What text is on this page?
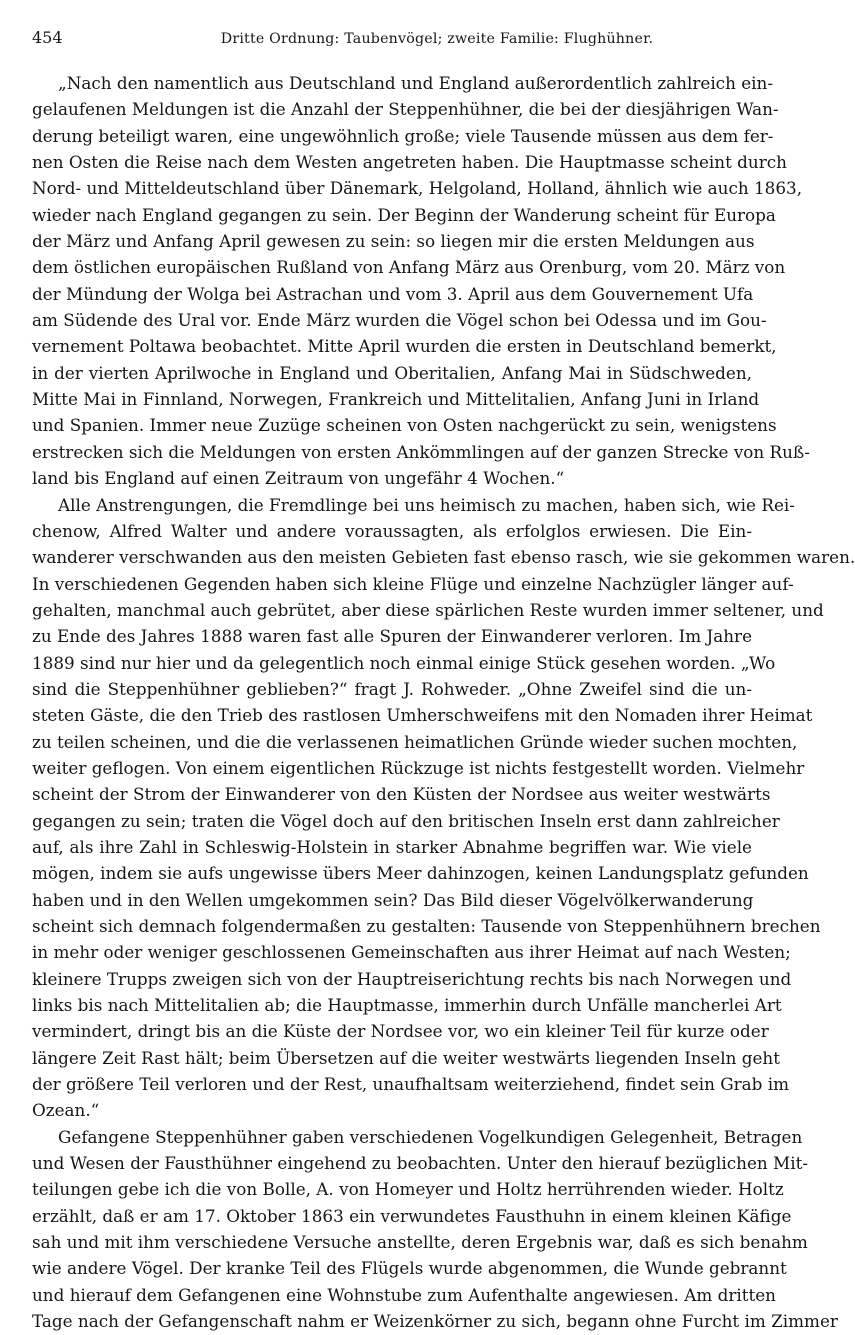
454	Dritte Ordnung: Taubenvögel; zweite Familie: Flughühner.
„Nach den namentlich aus Deutschland und England außerordentlich zahlreich ein-
gelaufenen Meldungen ist die Anzahl der Steppenhühner, die bei der diesjährigen Wan-
derung beteiligt waren, eine ungewöhnlich große; viele Tausende müssen aus dem fer-
nen Osten die Reise nach dem Westen angetreten haben. Die Hauptmasse scheint durch
Nord- und Mitteldeutschland über Dänemark, Helgoland, Holland, ähnlich wie auch 1863,
wieder nach England gegangen zu sein. Der Beginn der Wanderung scheint für Europa
der März und Anfang April gewesen zu sein: so liegen mir die ersten Meldungen aus
dem östlichen europäischen Rußland von Anfang März aus Orenburg, vom 20. März von
der Mündung der Wolga bei Astrachan und vom 3. April aus dem Gouvernement Ufa
am Südende des Ural vor. Ende März wurden die Vögel schon bei Odessa und im Gou-
vernement Poltawa beobachtet. Mitte April wurden die ersten in Deutschland bemerkt,
in der vierten Aprilwoche in England und Oberitalien, Anfang Mai in Südschweden,
Mitte Mai in Finnland, Norwegen, Frankreich und Mittelitalien, Anfang Juni in Irland
und Spanien. Immer neue Zuzüge scheinen von Osten nachgerückt zu sein, wenigstens
erstrecken sich die Meldungen von ersten Ankömmlingen auf der ganzen Strecke von Ruß-
land bis England auf einen Zeitraum von ungefähr 4 Wochen.“
Alle Anstrengungen, die Fremdlinge bei uns heimisch zu machen, haben sich, wie Rei-
chenow, Alfred Walter und andere voraussagten, als erfolglos erwiesen. Die Ein-
wanderer verschwanden aus den meisten Gebieten fast ebenso rasch, wie sie gekommen waren.
In verschiedenen Gegenden haben sich kleine Flüge und einzelne Nachzügler länger auf-
gehalten, manchmal auch gebrütet, aber diese spärlichen Reste wurden immer seltener, und
zu Ende des Jahres 1888 waren fast alle Spuren der Einwanderer verloren. Im Jahre
1889 sind nur hier und da gelegentlich noch einmal einige Stück gesehen worden. „Wo
sind die Steppenhühner geblieben?“ fragt J. Rohweder. „Ohne Zweifel sind die un-
steten Gäste, die den Trieb des rastlosen Umherschweifens mit den Nomaden ihrer Heimat
zu teilen scheinen, und die die verlassenen heimatlichen Gründe wieder suchen mochten,
weiter geflogen. Von einem eigentlichen Rückzuge ist nichts festgestellt worden. Vielmehr
scheint der Strom der Einwanderer von den Küsten der Nordsee aus weiter westwärts
gegangen zu sein; traten die Vögel doch auf den britischen Inseln erst dann zahlreicher
auf, als ihre Zahl in Schleswig-Holstein in starker Abnahme begriffen war. Wie viele
mögen, indem sie aufs ungewisse übers Meer dahinzogen, keinen Landungsplatz gefunden
haben und in den Wellen umgekommen sein? Das Bild dieser Vögelvölkerwanderung
scheint sich demnach folgendermaßen zu gestalten: Tausende von Steppenhühnern brechen
in mehr oder weniger geschlossenen Gemeinschaften aus ihrer Heimat auf nach Westen;
kleinere Trupps zweigen sich von der Hauptreiserichtung rechts bis nach Norwegen und
links bis nach Mittelitalien ab; die Hauptmasse, immerhin durch Unfälle mancherlei Art
vermindert, dringt bis an die Küste der Nordsee vor, wo ein kleiner Teil für kurze oder
längere Zeit Rast hält; beim Übersetzen auf die weiter westwärts liegenden Inseln geht
der größere Teil verloren und der Rest, unaufhaltsam weiterziehend, findet sein Grab im
Ozean.“
Gefangene Steppenhühner gaben verschiedenen Vogelkundigen Gelegenheit, Betragen
und Wesen der Fausthühner eingehend zu beobachten. Unter den hierauf bezüglichen Mit-
teilungen gebe ich die von Bolle, A. von Homeyer und Holtz herrührenden wieder. Holtz
erzählt, daß er am 17. Oktober 1863 ein verwundetes Fausthuhn in einem kleinen Käfige
sah und mit ihm verschiedene Versuche anstellte, deren Ergebnis war, daß es sich benahm
wie andere Vögel. Der kranke Teil des Flügels wurde abgenommen, die Wunde gebrannt
und hierauf dem Gefangenen eine Wohnstube zum Aufenthalte angewiesen. Am dritten
Tage nach der Gefangenschaft nahm er Weizenkörner zu sich, begann ohne Furcht im Zimmer
